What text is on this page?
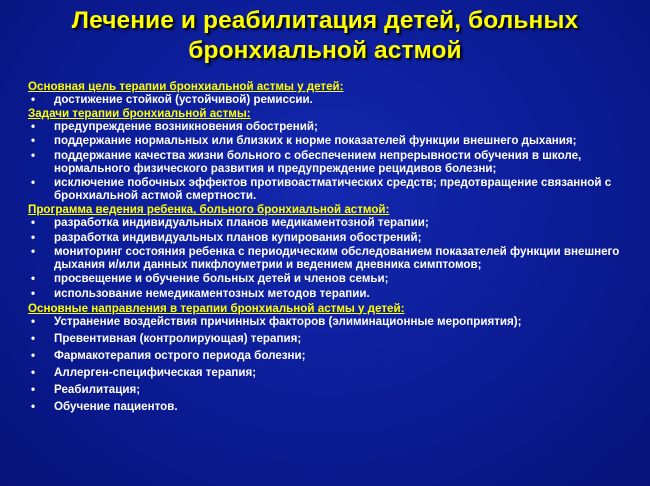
Лечение и реабилитация детей, больных
бронхиальной астмой
Основная цель терапии бронхиальной астмы у детей:
• достижение стойкой (устойчивой) ремиссии.
Задачи терапии бронхиальной астмы:
• предупреждение возникновения обострений;
• поддержание нормальных или близких к норме показателей функции внешнего дыхания;
• поддержание качества жизни больного с обеспечением непрерывности обучения в школе, нормального физического развития и предупреждение рецидивов болезни;
• исключение побочных эффектов противоастматических средств; предотвращение связанной с бронхиальной астмой смертности.
Программа ведения ребенка, больного бронхиальной астмой:
• разработка индивидуальных планов медикаментозной терапии;
• разработка индивидуальных планов купирования обострений;
• мониторинг состояния ребенка с периодическим обследованием показателей функции внешнего дыхания и/или данных пикфлоуметрии и ведением дневника симптомов;
• просвещение и обучение больных детей и членов семьи;
• использование немедикаментозных методов терапии.
Основные направления в терапии бронхиальной астмы у детей:
• Устранение воздействия причинных факторов (элиминационные мероприятия);
• Превентивная (контролирующая) терапия;
• Фармакотерапия острого периода болезни;
• Аллерген-специфическая терапия;
• Реабилитация;
• Обучение пациентов.
